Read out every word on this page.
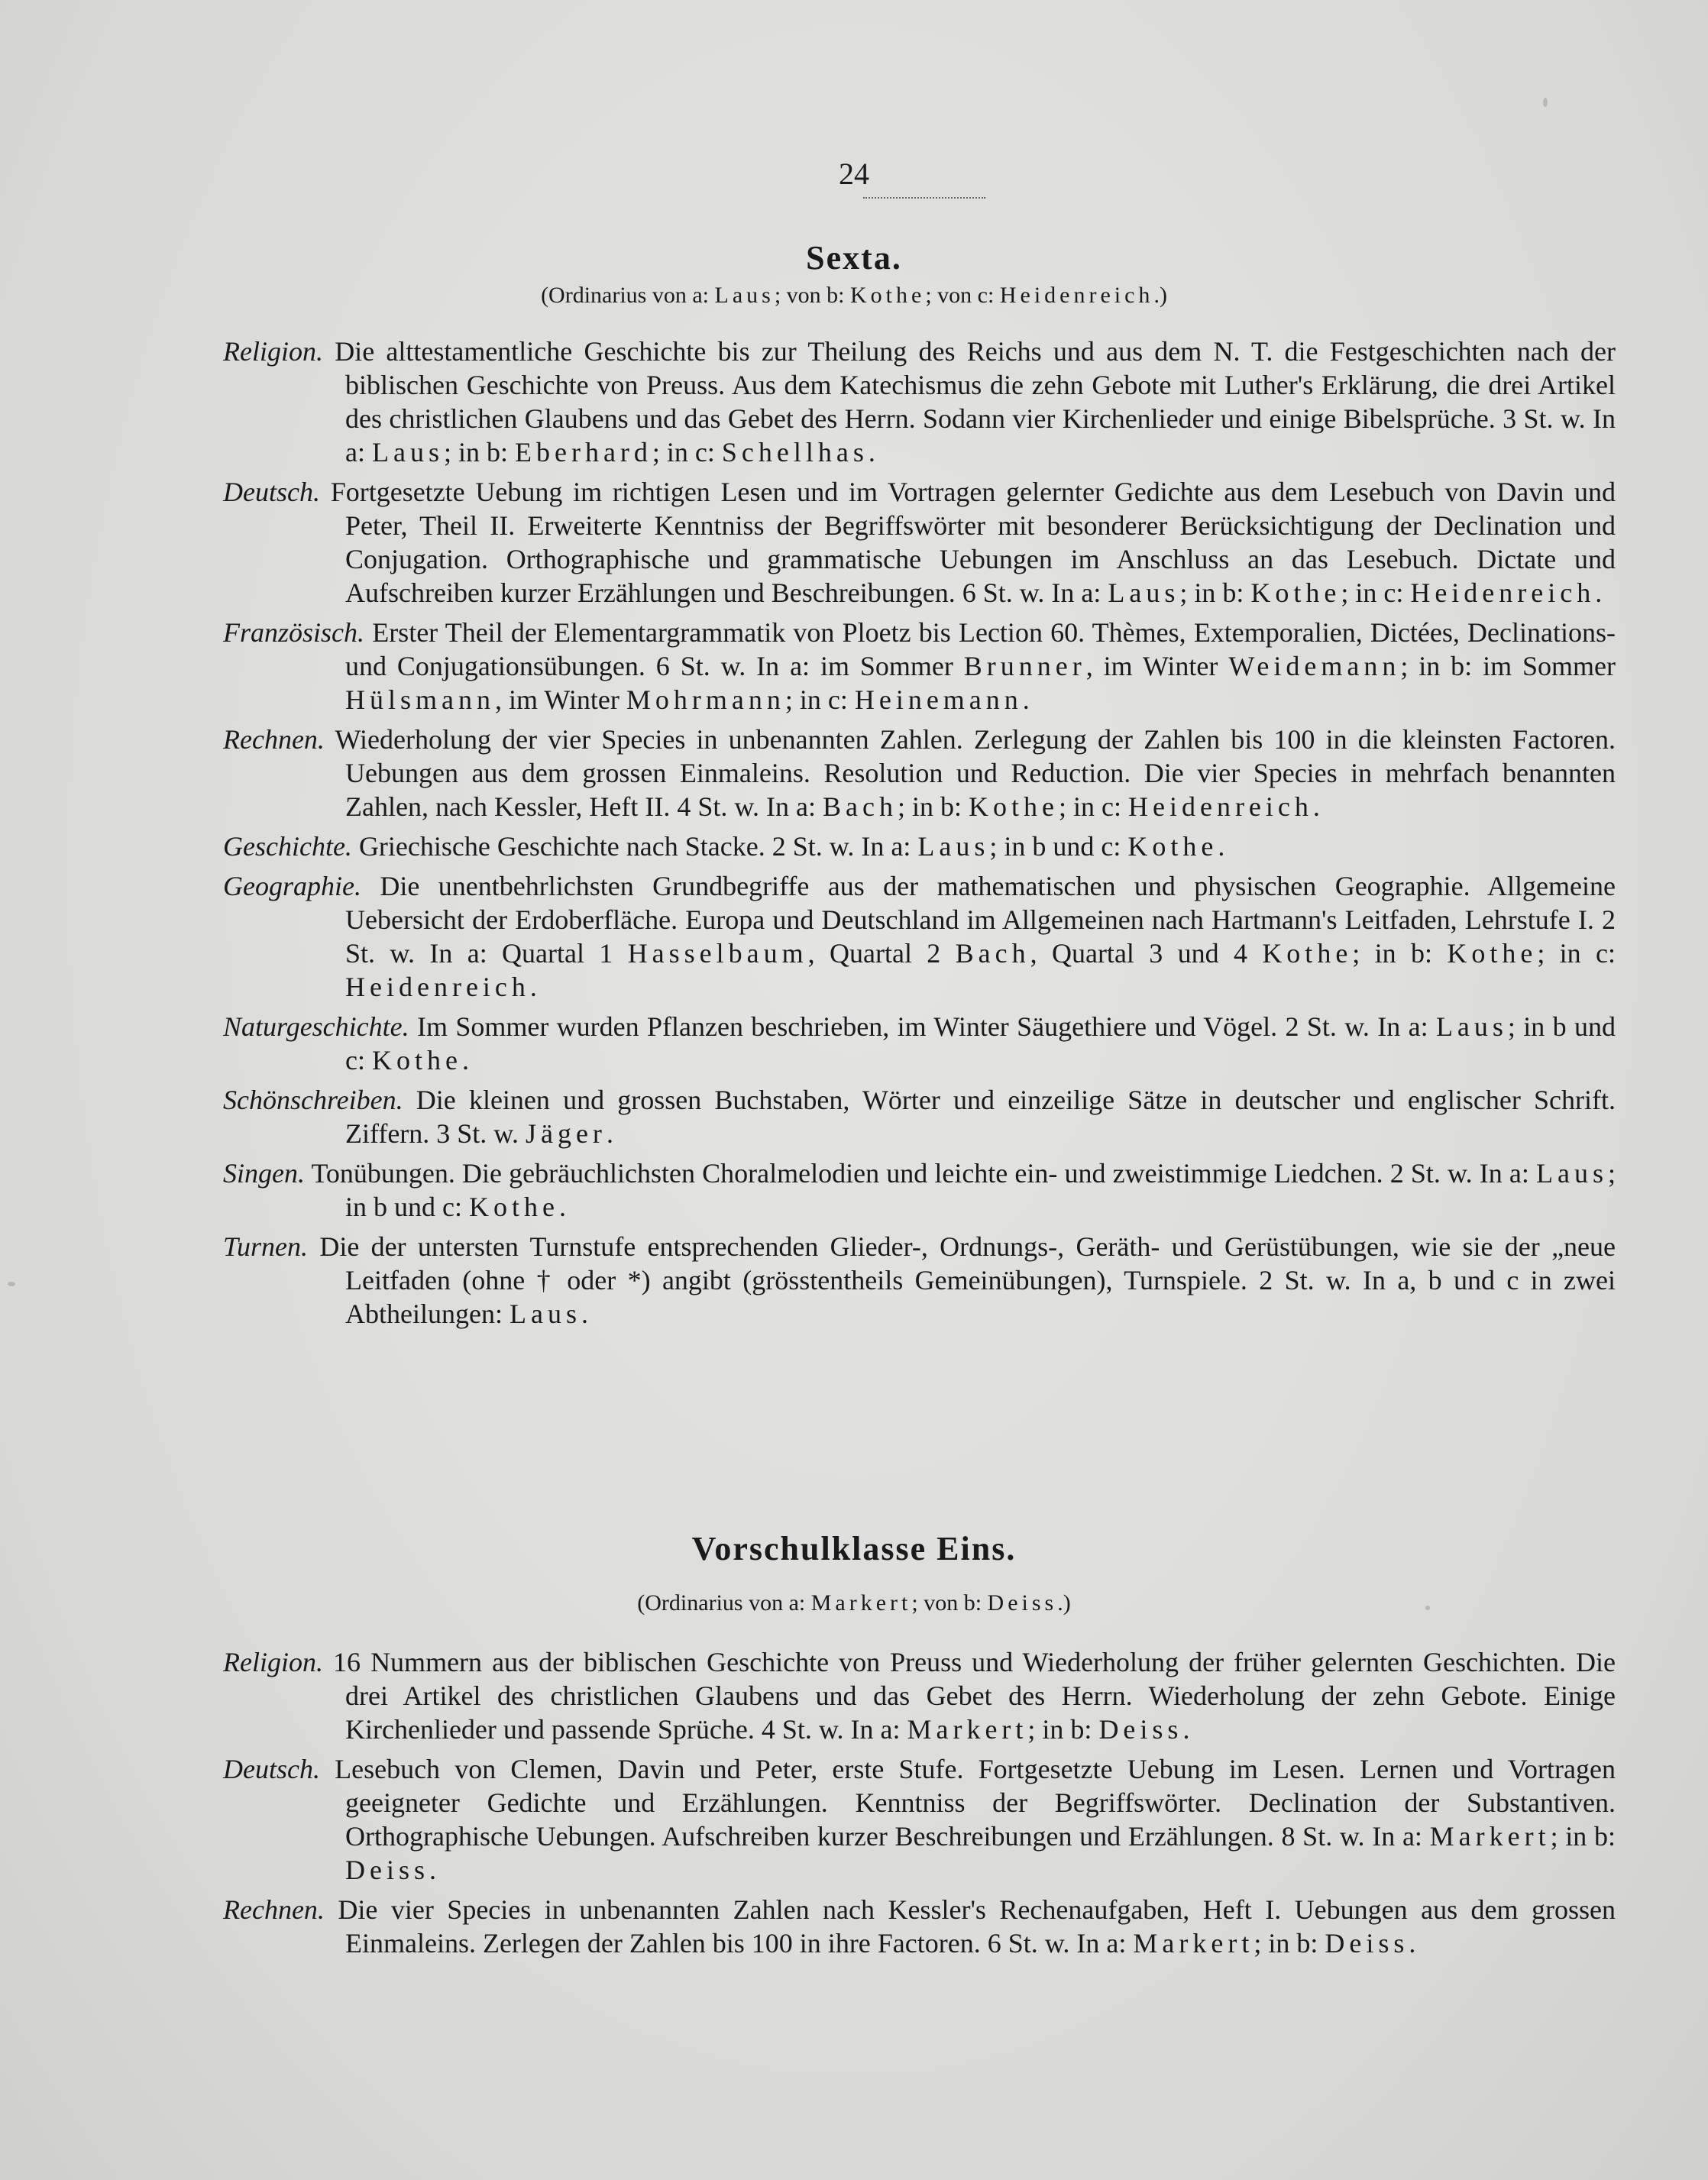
24
Sexta.
(Ordinarius von a: Laus; von b: Kothe; von c: Heidenreich.)

Religion. Die alttestamentliche Geschichte bis zur Theilung des Reichs und aus dem N. T. die Festgeschichten nach der biblischen Geschichte von Preuss. Aus dem Katechismus die zehn Gebote mit Luther's Erklärung, die drei Artikel des christlichen Glaubens und das Gebet des Herrn. Sodann vier Kirchenlieder und einige Bibelsprüche. 3 St. w. In a: Laus; in b: Eberhard; in c: Schellhas.

Deutsch. Fortgesetzte Uebung im richtigen Lesen und im Vortragen gelernter Gedichte aus dem Lesebuch von Davin und Peter, Theil II. Erweiterte Kenntniss der Begriffswörter mit besonderer Berücksichtigung der Declination und Conjugation. Orthographische und grammatische Uebungen im Anschluss an das Lesebuch. Dictate und Aufschreiben kurzer Erzählungen und Beschreibungen. 6 St. w. In a: Laus; in b: Kothe; in c: Heidenreich.

Französisch. Erster Theil der Elementargrammatik von Ploetz bis Lection 60. Thèmes, Extemporalien, Dictées, Declinations- und Conjugationsübungen. 6 St. w. In a: im Sommer Brunner, im Winter Weidemann; in b: im Sommer Hülsmann, im Winter Mohrmann; in c: Heinemann.

Rechnen. Wiederholung der vier Species in unbenannten Zahlen. Zerlegung der Zahlen bis 100 in die kleinsten Factoren. Uebungen aus dem grossen Einmaleins. Resolution und Reduction. Die vier Species in mehrfach benannten Zahlen, nach Kessler, Heft II. 4 St. w. In a: Bach; in b: Kothe; in c: Heidenreich.

Geschichte. Griechische Geschichte nach Stacke. 2 St. w. In a: Laus; in b und c: Kothe.

Geographie. Die unentbehrlichsten Grundbegriffe aus der mathematischen und physischen Geographie. Allgemeine Uebersicht der Erdoberfläche. Europa und Deutschland im Allgemeinen nach Hartmann's Leitfaden, Lehrstufe I. 2 St. w. In a: Quartal 1 Hasselbaum, Quartal 2 Bach, Quartal 3 und 4 Kothe; in b: Kothe; in c: Heidenreich.

Naturgeschichte. Im Sommer wurden Pflanzen beschrieben, im Winter Säugethiere und Vögel. 2 St. w. In a: Laus; in b und c: Kothe.

Schönschreiben. Die kleinen und grossen Buchstaben, Wörter und einzeilige Sätze in deutscher und englischer Schrift. Ziffern. 3 St. w. Jäger.

Singen. Tonübungen. Die gebräuchlichsten Choralmelodien und leichte ein- und zweistimmige Liedchen. 2 St. w. In a: Laus; in b und c: Kothe.

Turnen. Die der untersten Turnstufe entsprechenden Glieder-, Ordnungs-, Geräth- und Gerüstübungen, wie sie der „neue Leitfaden (ohne † oder *) angibt (grösstentheils Gemeinübungen), Turnspiele. 2 St. w. In a, b und c in zwei Abtheilungen: Laus.

Vorschulklasse Eins.
(Ordinarius von a: Markert; von b: Deiss.)

Religion. 16 Nummern aus der biblischen Geschichte von Preuss und Wiederholung der früher gelernten Geschichten. Die drei Artikel des christlichen Glaubens und das Gebet des Herrn. Wiederholung der zehn Gebote. Einige Kirchenlieder und passende Sprüche. 4 St. w. In a: Markert; in b: Deiss.

Deutsch. Lesebuch von Clemen, Davin und Peter, erste Stufe. Fortgesetzte Uebung im Lesen. Lernen und Vortragen geeigneter Gedichte und Erzählungen. Kenntniss der Begriffswörter. Declination der Substantiven. Orthographische Uebungen. Aufschreiben kurzer Beschreibungen und Erzählungen. 8 St. w. In a: Markert; in b: Deiss.

Rechnen. Die vier Species in unbenannten Zahlen nach Kessler's Rechenaufgaben, Heft I. Uebungen aus dem grossen Einmaleins. Zerlegen der Zahlen bis 100 in ihre Factoren. 6 St. w. In a: Markert; in b: Deiss.
